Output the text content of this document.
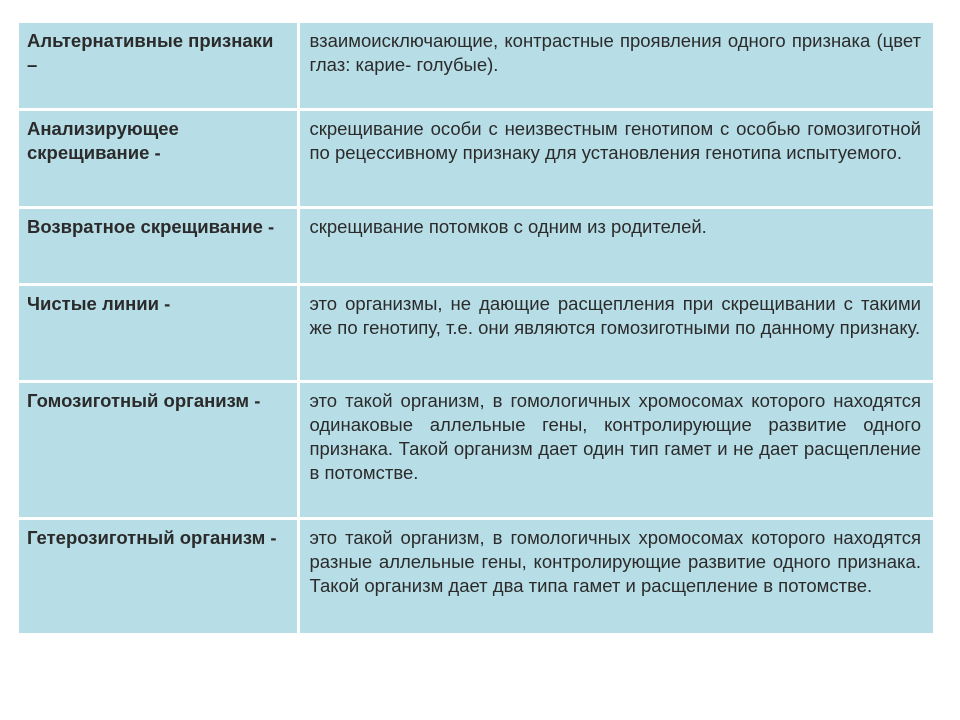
Альтернативные признаки –	взаимоисключающие, контрастные проявления одного признака (цвет глаз: карие- голубые).
Анализирующее скрещивание -	скрещивание особи с неизвестным генотипом с особью гомозиготной по рецессивному признаку для установления генотипа испытуемого.
Возвратное скрещивание -	скрещивание потомков с одним из родителей.
Чистые линии -	это организмы, не дающие расщепления при скрещивании с такими же по генотипу, т.е. они являются гомозиготными по данному признаку.
Гомозиготный организм -	это такой организм, в гомологичных хромосомах которого находятся одинаковые аллельные гены, контролирующие развитие одного признака. Такой организм дает один тип гамет и не дает расщепление в потомстве.
Гетерозиготный организм -	это такой организм, в гомологичных хромосомах которого находятся разные аллельные гены, контролирующие развитие одного признака. Такой организм дает два типа гамет и расщепление в потомстве.
